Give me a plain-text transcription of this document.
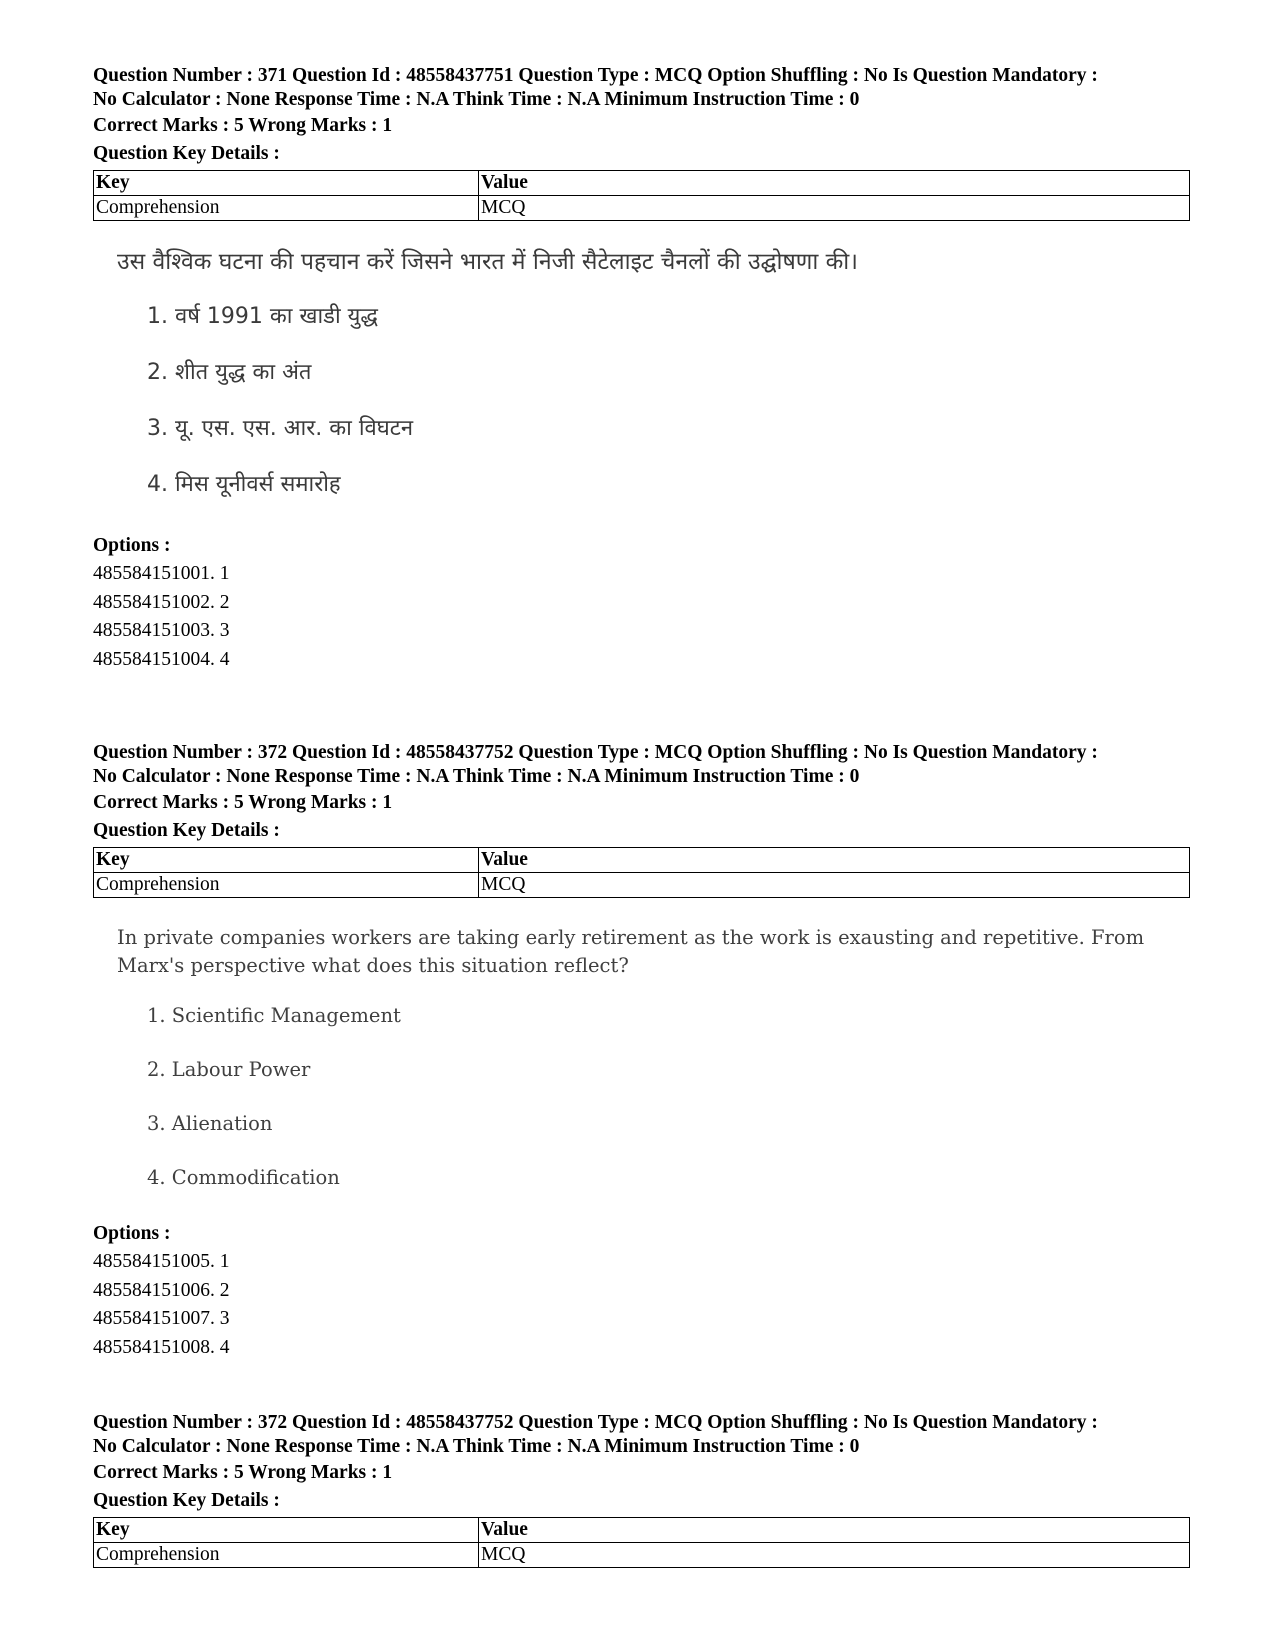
Question Number : 371 Question Id : 48558437751 Question Type : MCQ Option Shuffling : No Is Question Mandatory :

No Calculator : None Response Time : N.A Think Time : N.A Minimum Instruction Time : 0

Correct Marks : 5 Wrong Marks : 1

Question Key Details :

Key	Value
Comprehension	MCQ

उस वैश्विक घटना की पहचान करें जिसने भारत में निजी सैटेलाइट चैनलों की उद्घोषणा की।

1. वर्ष 1991 का खाडी युद्ध

2. शीत युद्ध का अंत

3. यू. एस. एस. आर. का विघटन

4. मिस यूनीवर्स समारोह

Options :

485584151001. 1

485584151002. 2

485584151003. 3

485584151004. 4

Question Number : 372 Question Id : 48558437752 Question Type : MCQ Option Shuffling : No Is Question Mandatory :

No Calculator : None Response Time : N.A Think Time : N.A Minimum Instruction Time : 0

Correct Marks : 5 Wrong Marks : 1

Question Key Details :

Key	Value
Comprehension	MCQ

In private companies workers are taking early retirement as the work is exausting and repetitive. From Marx's perspective what does this situation reflect?

1. Scientific Management

2. Labour Power

3. Alienation

4. Commodification

Options :

485584151005. 1

485584151006. 2

485584151007. 3

485584151008. 4

Question Number : 372 Question Id : 48558437752 Question Type : MCQ Option Shuffling : No Is Question Mandatory :

No Calculator : None Response Time : N.A Think Time : N.A Minimum Instruction Time : 0

Correct Marks : 5 Wrong Marks : 1

Question Key Details :

Key	Value
Comprehension	MCQ
